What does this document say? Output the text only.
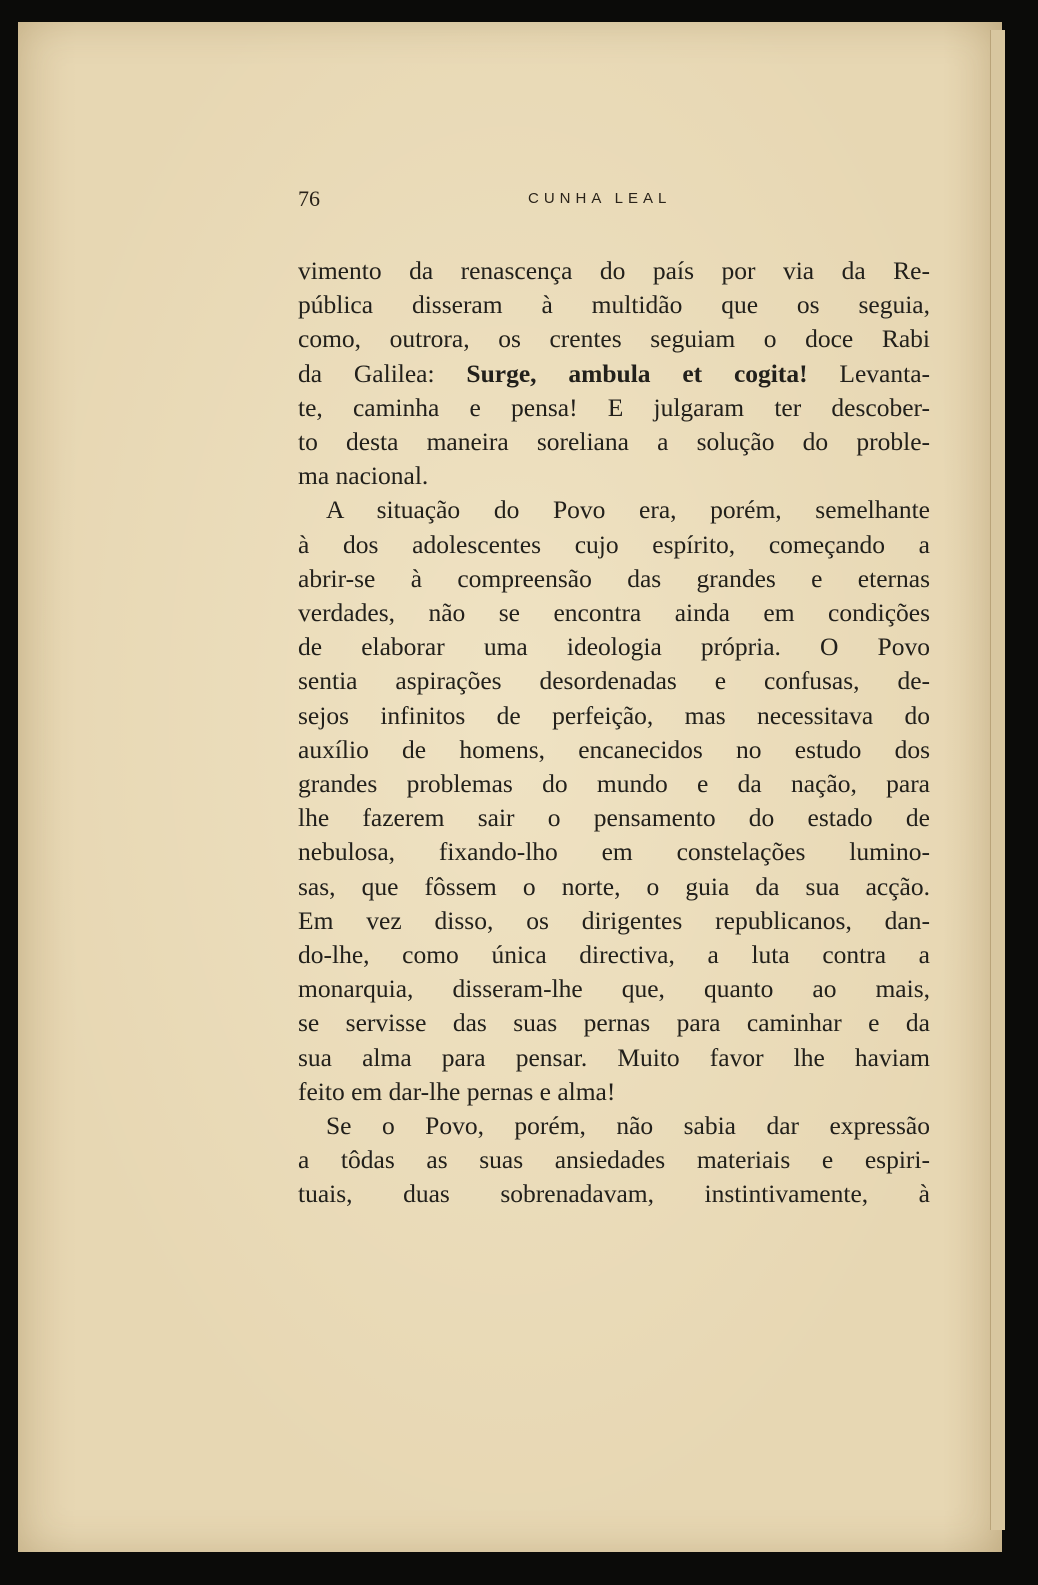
76	CUNHA LEAL

vimento da renascença do país por via da Re-
pública disseram à multidão que os seguia,
como, outrora, os crentes seguiam o doce Rabi
da Galilea: Surge, ambula et cogita! Levanta-
te, caminha e pensa! E julgaram ter descober-
to desta maneira soreliana a solução do proble-
ma nacional.

A situação do Povo era, porém, semelhante
à dos adolescentes cujo espírito, começando a
abrir-se à compreensão das grandes e eternas
verdades, não se encontra ainda em condições
de elaborar uma ideologia própria. O Povo
sentia aspirações desordenadas e confusas, de-
sejos infinitos de perfeição, mas necessitava do
auxílio de homens, encanecidos no estudo dos
grandes problemas do mundo e da nação, para
lhe fazerem sair o pensamento do estado de
nebulosa, fixando-lho em constelações lumino-
sas, que fôssem o norte, o guia da sua acção.
Em vez disso, os dirigentes republicanos, dan-
do-lhe, como única directiva, a luta contra a
monarquia, disseram-lhe que, quanto ao mais,
se servisse das suas pernas para caminhar e da
sua alma para pensar. Muito favor lhe haviam
feito em dar-lhe pernas e alma!

Se o Povo, porém, não sabia dar expressão
a tôdas as suas ansiedades materiais e espiri-
tuais, duas sobrenadavam, instintivamente, à
